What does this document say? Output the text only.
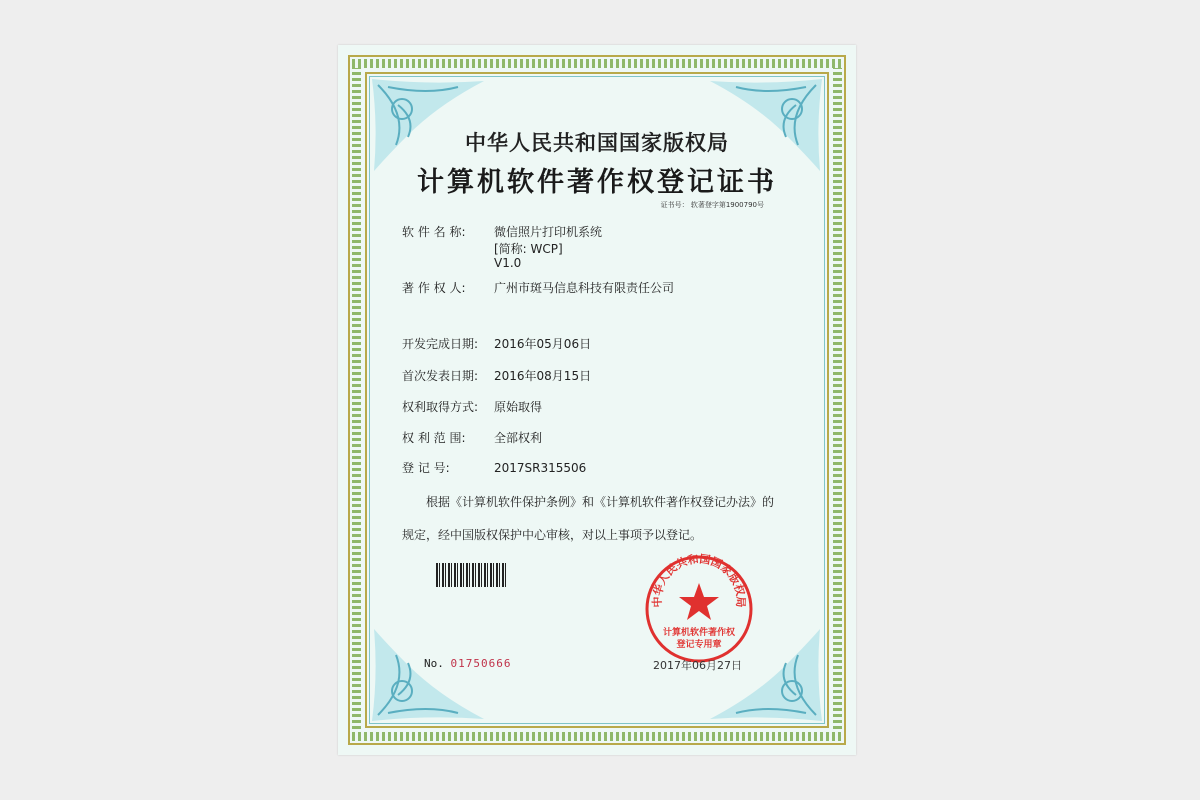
中华人民共和国国家版权局
计算机软件著作权登记证书
证书号： 软著登字第1900790号
软 件 名 称: 微信照片打印机系统
[简称: WCP]
V1.0
著 作 权 人: 广州市斑马信息科技有限责任公司
开发完成日期: 2016年05月06日
首次发表日期: 2016年08月15日
权利取得方式: 原始取得
权 利 范 围: 全部权利
登 记 号:	2017SR315506
根据《计算机软件保护条例》和《计算机软件著作权登记办法》的
规定，经中国版权保护中心审核，对以上事项予以登记。
中华人民共和国国家版权局
计算机软件著作权
登记专用章
No. 01750666	2017年06月27日
